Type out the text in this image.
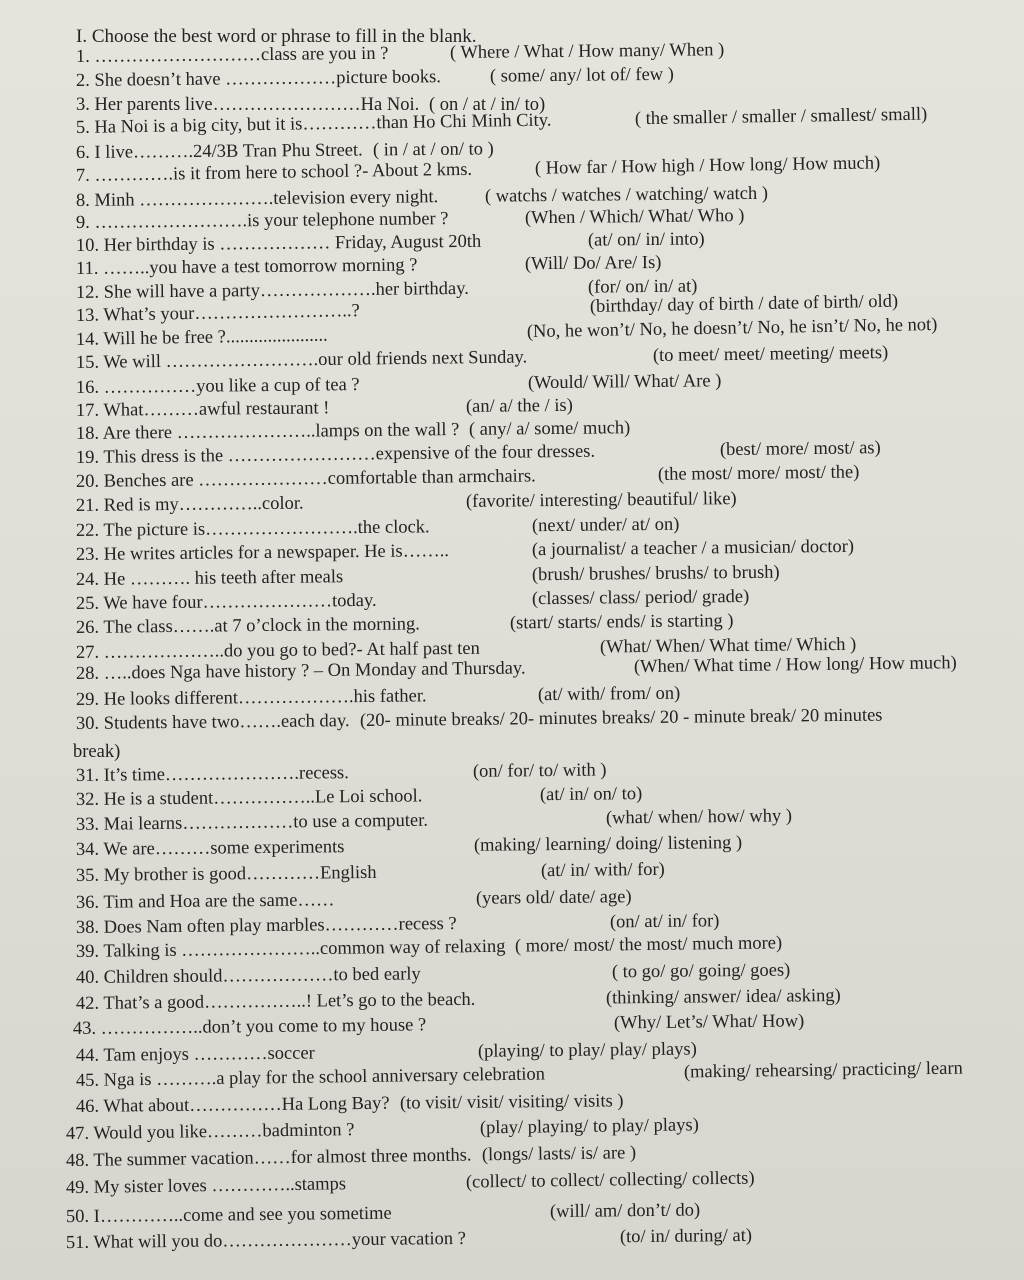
I. Choose the best word or phrase to fill in the blank.
1. ………………………class are you in ?	( Where / What / How many/ When )
2. She doesn’t have ………………picture books.	( some/ any/ lot of/ few )
3. Her parents live……………………Ha Noi. ( on / at / in/ to)
5. Ha Noi is a big city, but it is…………than Ho Chi Minh City.	( the smaller / smaller / smallest/ small)
6. I live……….24/3B Tran Phu Street. ( in / at / on/ to )
7. ………….is it from here to school ?- About 2 kms.	( How far / How high / How long/ How much)
8. Minh ………………….television every night.	( watchs / watches / watching/ watch )
9. …………………….is your telephone number ?	(When / Which/ What/ Who )
10. Her birthday is ……………… Friday, August 20th	(at/ on/ in/ into)
11. ……..you have a test tomorrow morning ?	(Will/ Do/ Are/ Is)
12. She will have a party……………….her birthday.	(for/ on/ in/ at)
13. What’s your……………………..?	(birthday/ day of birth / date of birth/ old)
14. Will he be free ?......................	(No, he won’t/ No, he doesn’t/ No, he isn’t/ No, he not)
15. We will …………………….our old friends next Sunday.	(to meet/ meet/ meeting/ meets)
16. ……………you like a cup of tea ?	(Would/ Will/ What/ Are )
17. What………awful restaurant !	(an/ a/ the / is)
18. Are there …………………..lamps on the wall ? ( any/ a/ some/ much)
19. This dress is the ……………………expensive of the four dresses.	(best/ more/ most/ as)
20. Benches are …………………comfortable than armchairs.	(the most/ more/ most/ the)
21. Red is my…………..color.	(favorite/ interesting/ beautiful/ like)
22. The picture is…………………….the clock.	(next/ under/ at/ on)
23. He writes articles for a newspaper. He is……..	(a journalist/ a teacher / a musician/ doctor)
24. He ………. his teeth after meals	(brush/ brushes/ brushs/ to brush)
25. We have four…………………today.	(classes/ class/ period/ grade)
26. The class…….at 7 o’clock in the morning.	(start/ starts/ ends/ is starting )
27. ………………..do you go to bed?- At half past ten	(What/ When/ What time/ Which )
28. …..does Nga have history ? – On Monday and Thursday.	(When/ What time / How long/ How much)
29. He looks different……………….his father.	(at/ with/ from/ on)
30. Students have two…….each day. (20- minute breaks/ 20- minutes breaks/ 20 - minute break/ 20 minutes
break)
31. It’s time………………….recess.	(on/ for/ to/ with )
32. He is a student……………..Le Loi school.	(at/ in/ on/ to)
33. Mai learns………………to use a computer.	(what/ when/ how/ why )
34. We are………some experiments	(making/ learning/ doing/ listening )
35. My brother is good…………English	(at/ in/ with/ for)
36. Tim and Hoa are the same……	(years old/ date/ age)
38. Does Nam often play marbles…………recess ?	(on/ at/ in/ for)
39. Talking is …………………..common way of relaxing ( more/ most/ the most/ much more)
40. Children should………………to bed early	( to go/ go/ going/ goes)
42. That’s a good……………..! Let’s go to the beach.	(thinking/ answer/ idea/ asking)
43. ……………..don’t you come to my house ?	(Why/ Let’s/ What/ How)
44. Tam enjoys …………soccer	(playing/ to play/ play/ plays)
45. Nga is ……….a play for the school anniversary celebration	(making/ rehearsing/ practicing/ learn
46. What about……………Ha Long Bay? (to visit/ visit/ visiting/ visits )
47. Would you like………badminton ?	(play/ playing/ to play/ plays)
48. The summer vacation……for almost three months. (longs/ lasts/ is/ are )
49. My sister loves …………..stamps	(collect/ to collect/ collecting/ collects)
50. I…………..come and see you sometime	(will/ am/ don’t/ do)
51. What will you do…………………your vacation ?	(to/ in/ during/ at)
